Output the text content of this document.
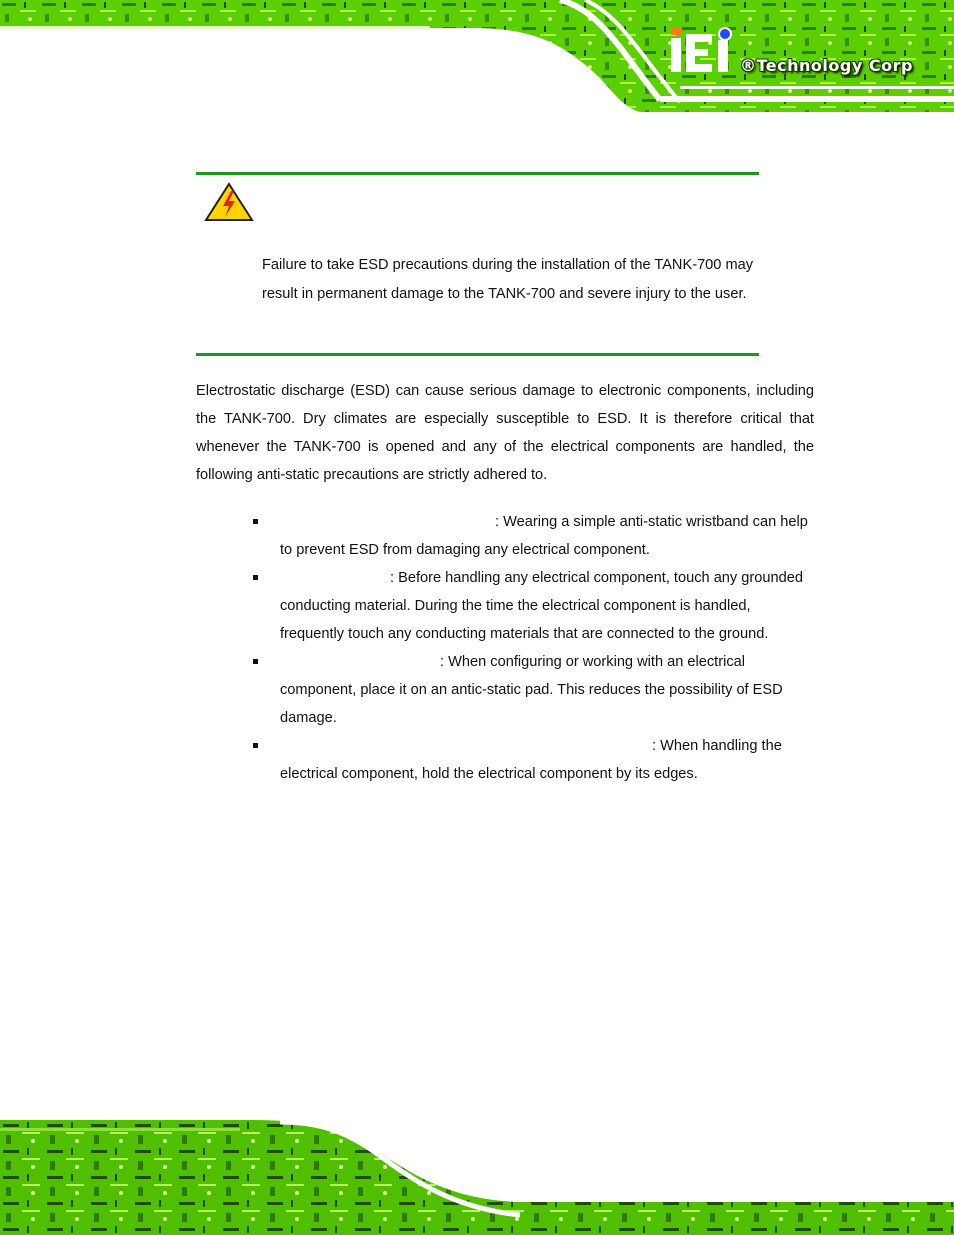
®Technology Corp
Failure to take ESD precautions during the installation of the TANK-700 may result in permanent damage to the TANK-700 and severe injury to the user.

Electrostatic discharge (ESD) can cause serious damage to electronic components, including the TANK-700. Dry climates are especially susceptible to ESD. It is therefore critical that whenever the TANK-700 is opened and any of the electrical components are handled, the following anti-static precautions are strictly adhered to.

: Wearing a simple anti-static wristband can help to prevent ESD from damaging any electrical component.
: Before handling any electrical component, touch any grounded conducting material. During the time the electrical component is handled, frequently touch any conducting materials that are connected to the ground.
: When configuring or working with an electrical component, place it on an antic-static pad. This reduces the possibility of ESD damage.
: When handling the electrical component, hold the electrical component by its edges.
